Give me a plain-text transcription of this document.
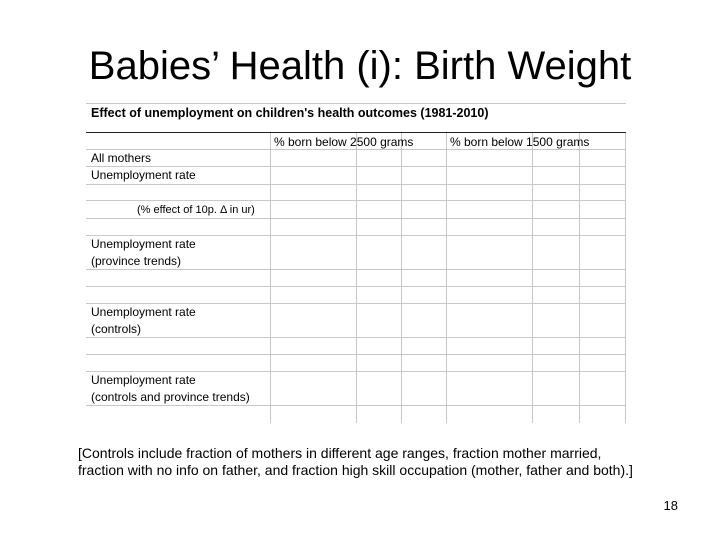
Babies’ Health (i): Birth Weight
Effect of unemployment on children's health outcomes (1981-2010)
% born below 2500 grams	% born below 1500 grams
All mothers
Unemployment rate
(% effect of 10p. Δ in ur)
Unemployment rate
(province trends)
Unemployment rate
(controls)
Unemployment rate
(controls and province trends)
[Controls include fraction of mothers in different age ranges, fraction mother married, fraction with no info on father, and fraction high skill occupation (mother, father and both).]
18
